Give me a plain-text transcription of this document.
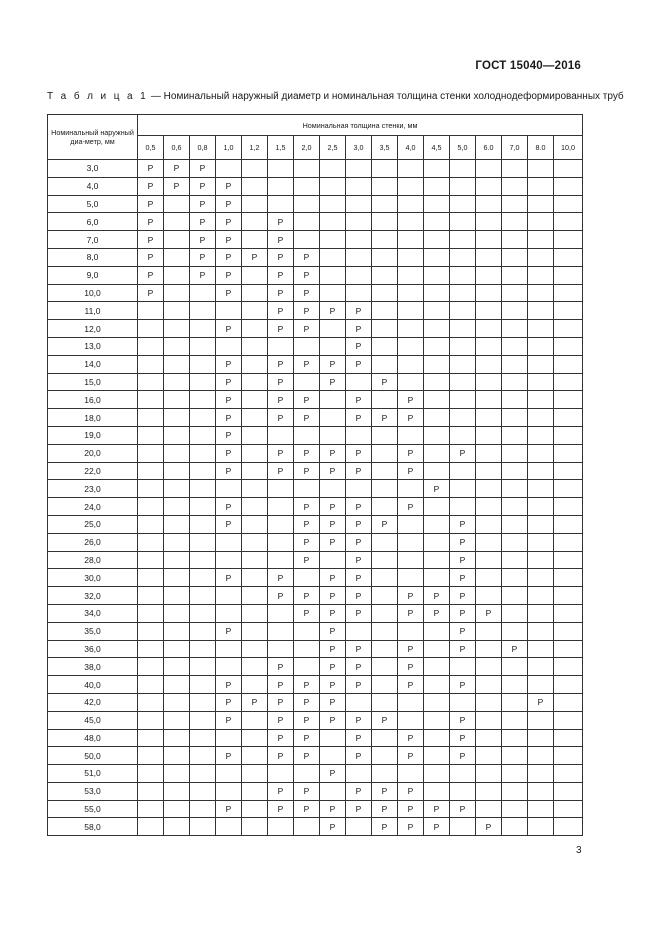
ГОСТ 15040—2016
Т а б л и ц а 1 — Номинальный наружный диаметр и номинальная толщина стенки холоднодеформированных труб
Номинальный наружный диа-метр, мм	Номинальная толщина стенки, мм																
	0,5	0,6	0,8	1,0	1,2	1,5	2,0	2,5	3,0	3,5	4,0	4,5	5,0	6.0	7,0	8.0	10,0
3,0	P	P	P														
4,0	P	P	P	P													
5,0	P		P	P													
6,0	P		P	P		P											
7,0	P		P	P		P											
8,0	P		P	P	P	P	P										
9,0	P		P	P		P	P										
10,0	P			P		P	P										
11,0						P	P	P	P								
12,0				P		P	P		P								
13,0									P								
14,0				P		P	P	P	P								
15,0				P		P		P		P							
16,0				P		P	P		P		P						
18,0				P		P	P		P	P	P						
19,0				P													
20,0				P		P	P	P	P		P		P				
22,0				P		P	P	P	P		P						
23,0												P					
24,0				P			P	P	P		P						
25,0				P			P	P	P	P			P				
26,0							P	P	P				P				
28,0							P		P				P				
30,0				P		P		P	P				P				
32,0						P	P	P	P		P	P	P				
34,0							P	P	P		P	P	P	P			
35,0				P				P					P				
36,0								P	P		P		P		P		
38,0						P		P	P		P						
40,0				P		P	P	P	P		P		P				
42,0				P	P	P	P	P								P	
45,0				P		P	P	P	P	P			P				
48,0						P	P		P		P		P				
50,0				P		P	P		P		P		P				
51,0								P									
53,0						P	P		P	P	P						
55,0				P		P	P	P	P	P	P	P	P				
58,0								P		P	P	P		P			
3
